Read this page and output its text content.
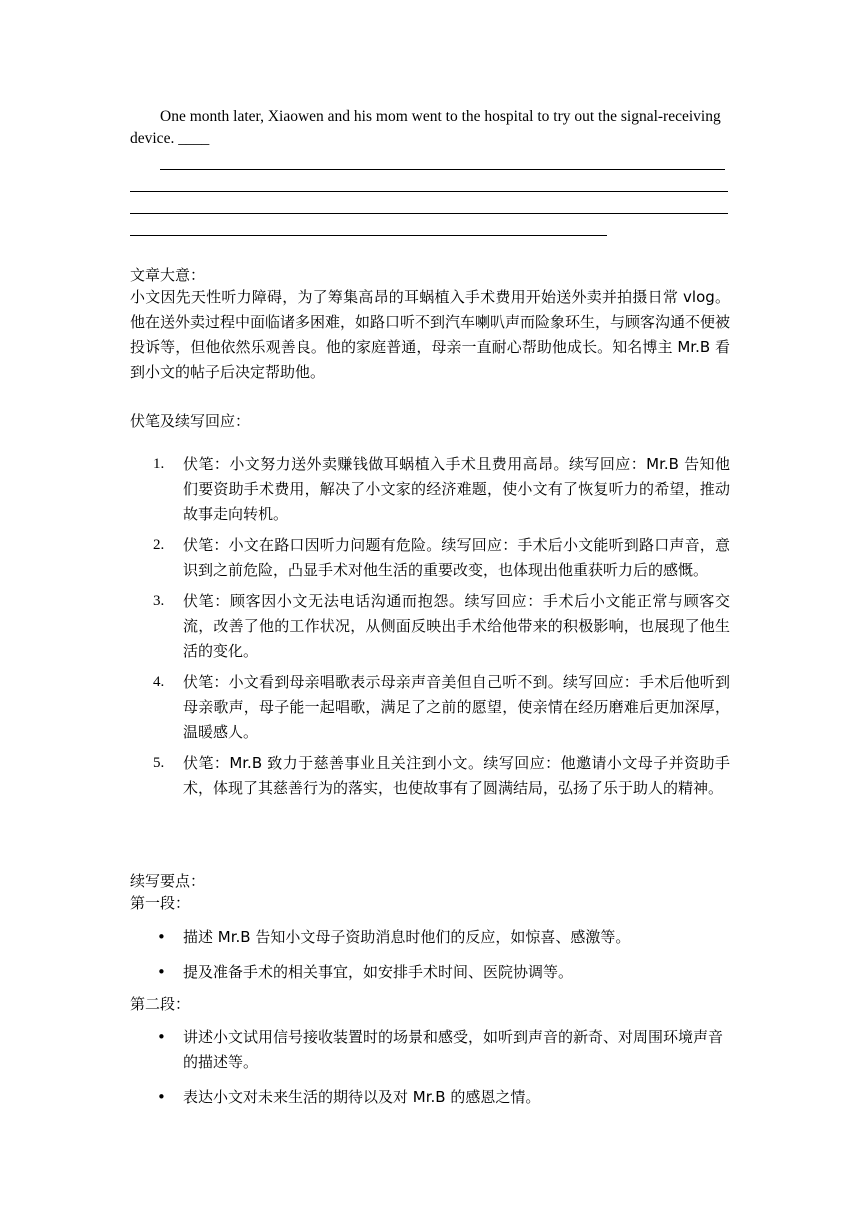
One month later, Xiaowen and his mom went to the hospital to try out the signal-receiving device. ____
文章大意：
小文因先天性听力障碍，为了筹集高昂的耳蜗植入手术费用开始送外卖并拍摄日常 vlog。他在送外卖过程中面临诸多困难，如路口听不到汽车喇叭声而险象环生，与顾客沟通不便被投诉等，但他依然乐观善良。他的家庭普通，母亲一直耐心帮助他成长。知名博主 Mr.B 看到小文的帖子后决定帮助他。
伏笔及续写回应：
1. 伏笔：小文努力送外卖赚钱做耳蜗植入手术且费用高昂。续写回应：Mr.B 告知他们要资助手术费用，解决了小文家的经济难题，使小文有了恢复听力的希望，推动故事走向转机。
2. 伏笔：小文在路口因听力问题有危险。续写回应：手术后小文能听到路口声音，意识到之前危险，凸显手术对他生活的重要改变，也体现出他重获听力后的感慨。
3. 伏笔：顾客因小文无法电话沟通而抱怨。续写回应：手术后小文能正常与顾客交流，改善了他的工作状况，从侧面反映出手术给他带来的积极影响，也展现了他生活的变化。
4. 伏笔：小文看到母亲唱歌表示母亲声音美但自己听不到。续写回应：手术后他听到母亲歌声，母子能一起唱歌，满足了之前的愿望，使亲情在经历磨难后更加深厚，温暖感人。
5. 伏笔：Mr.B 致力于慈善事业且关注到小文。续写回应：他邀请小文母子并资助手术，体现了其慈善行为的落实，也使故事有了圆满结局，弘扬了乐于助人的精神。
续写要点：
第一段：
• 描述 Mr.B 告知小文母子资助消息时他们的反应，如惊喜、感激等。
• 提及准备手术的相关事宜，如安排手术时间、医院协调等。
第二段：
• 讲述小文试用信号接收装置时的场景和感受，如听到声音的新奇、对周围环境声音的描述等。
• 表达小文对未来生活的期待以及对 Mr.B 的感恩之情。
